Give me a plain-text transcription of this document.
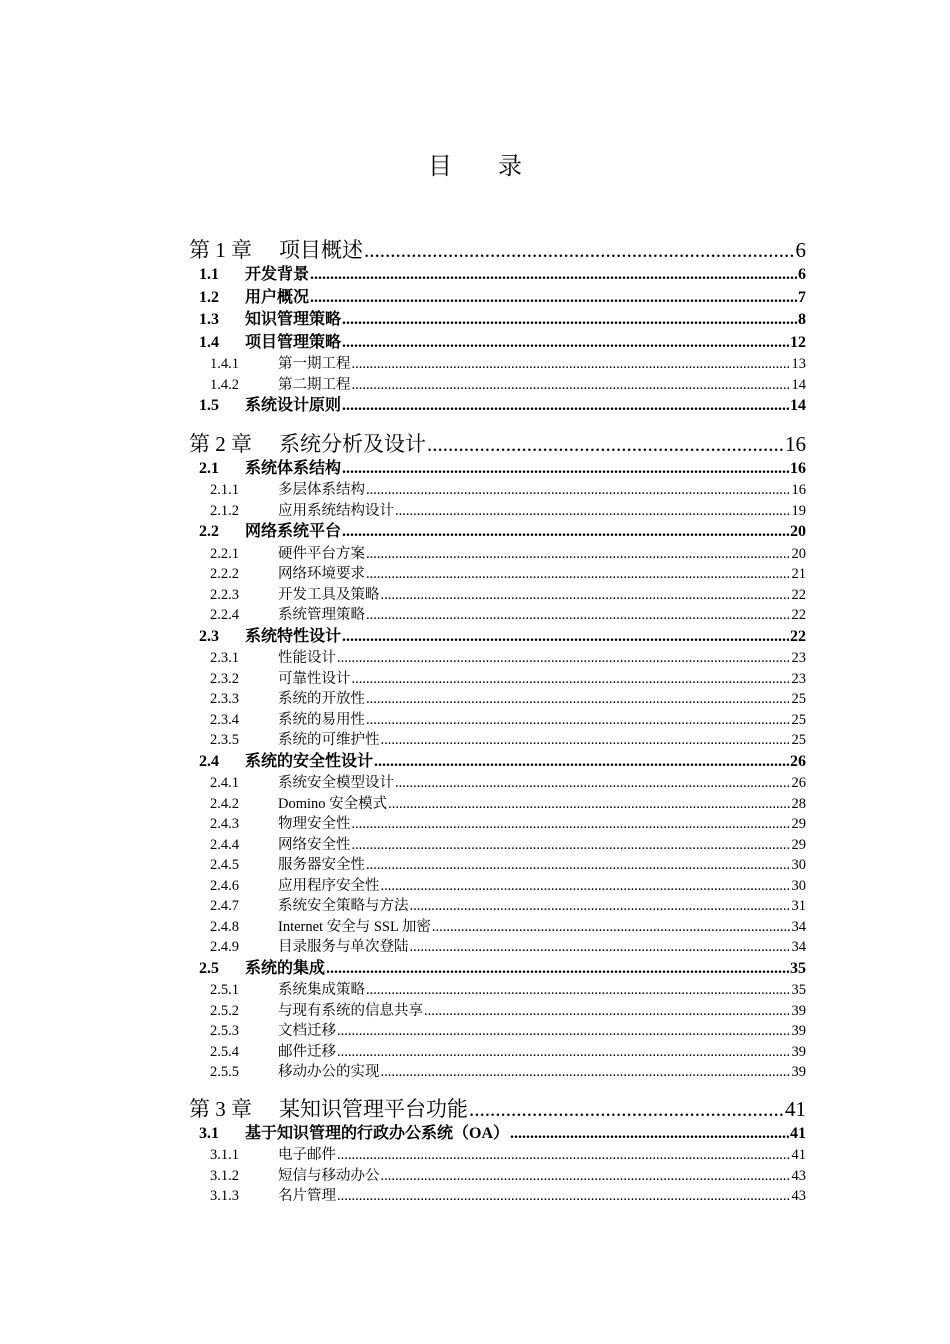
目 录
第 1 章	项目概述 .....	6
1.1	开发背景 .....	6
1.2	用户概况 .....	7
1.3	知识管理策略 .....	8
1.4	项目管理策略 .....	12
1.4.1	第一期工程 .....	13
1.4.2	第二期工程 .....	14
1.5	系统设计原则 .....	14
第 2 章	系统分析及设计 .....	16
2.1	系统体系结构 .....	16
2.1.1	多层体系结构 .....	16
2.1.2	应用系统结构设计 .....	19
2.2	网络系统平台 .....	20
2.2.1	硬件平台方案 .....	20
2.2.2	网络环境要求 .....	21
2.2.3	开发工具及策略 .....	22
2.2.4	系统管理策略 .....	22
2.3	系统特性设计 .....	22
2.3.1	性能设计 .....	23
2.3.2	可靠性设计 .....	23
2.3.3	系统的开放性 .....	25
2.3.4	系统的易用性 .....	25
2.3.5	系统的可维护性 .....	25
2.4	系统的安全性设计 .....	26
2.4.1	系统安全模型设计 .....	26
2.4.2	Domino 安全模式 .....	28
2.4.3	物理安全性 .....	29
2.4.4	网络安全性 .....	29
2.4.5	服务器安全性 .....	30
2.4.6	应用程序安全性 .....	30
2.4.7	系统安全策略与方法 .....	31
2.4.8	Internet 安全与 SSL 加密 .....	34
2.4.9	目录服务与单次登陆 .....	34
2.5	系统的集成 .....	35
2.5.1	系统集成策略 .....	35
2.5.2	与现有系统的信息共享 .....	39
2.5.3	文档迁移 .....	39
2.5.4	邮件迁移 .....	39
2.5.5	移动办公的实现 .....	39
第 3 章	某知识管理平台功能 .....	41
3.1	基于知识管理的行政办公系统（OA） .....	41
3.1.1	电子邮件 .....	41
3.1.2	短信与移动办公 .....	43
3.1.3	名片管理 .....	43
